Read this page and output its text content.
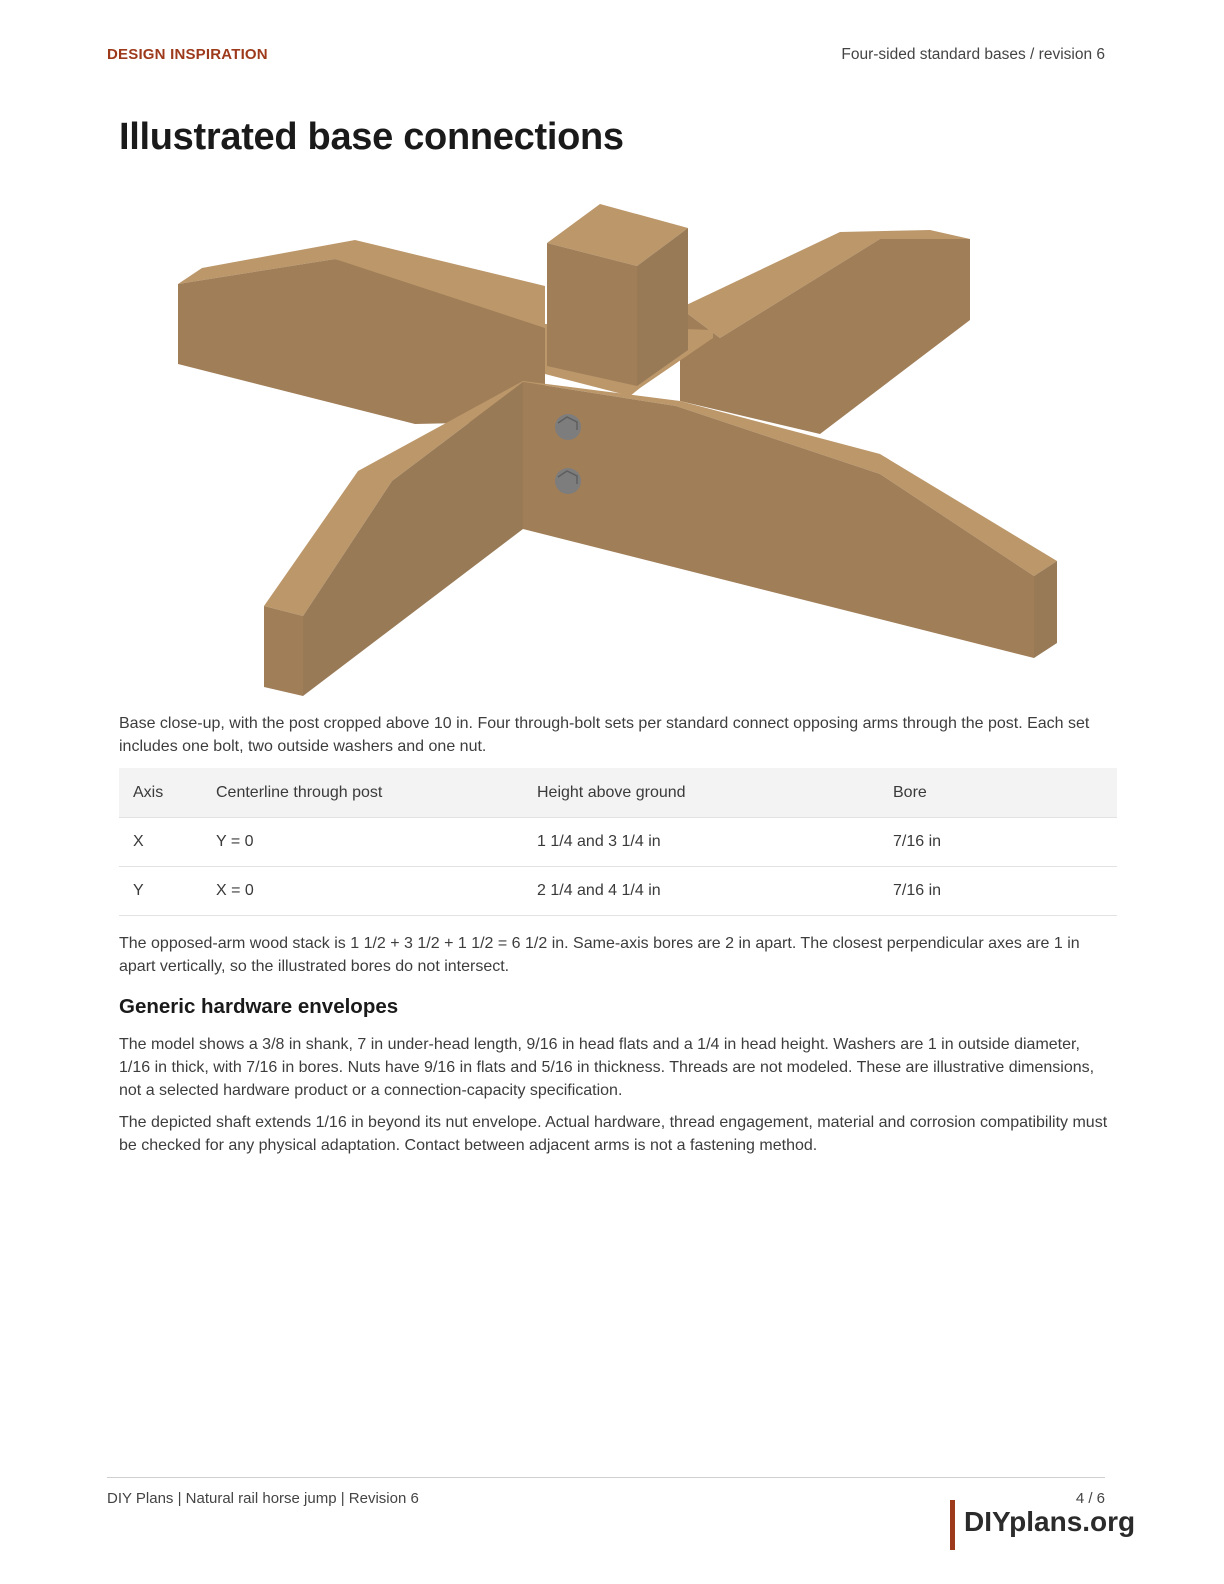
DESIGN INSPIRATION	Four-sided standard bases / revision 6
Illustrated base connections

Base close-up, with the post cropped above 10 in. Four through-bolt sets per standard connect opposing arms through the post. Each set includes one bolt, two outside washers and one nut.

Axis	Centerline through post	Height above ground	Bore
X	Y = 0	1 1/4 and 3 1/4 in	7/16 in
Y	X = 0	2 1/4 and 4 1/4 in	7/16 in

The opposed-arm wood stack is 1 1/2 + 3 1/2 + 1 1/2 = 6 1/2 in. Same-axis bores are 2 in apart. The closest perpendicular axes are 1 in apart vertically, so the illustrated bores do not intersect.

Generic hardware envelopes

The model shows a 3/8 in shank, 7 in under-head length, 9/16 in head flats and a 1/4 in head height. Washers are 1 in outside diameter, 1/16 in thick, with 7/16 in bores. Nuts have 9/16 in flats and 5/16 in thickness. Threads are not modeled. These are illustrative dimensions, not a selected hardware product or a connection-capacity specification.

The depicted shaft extends 1/16 in beyond its nut envelope. Actual hardware, thread engagement, material and corrosion compatibility must be checked for any physical adaptation. Contact between adjacent arms is not a fastening method.

DIY Plans | Natural rail horse jump | Revision 6	4 / 6
DIYplans.org
